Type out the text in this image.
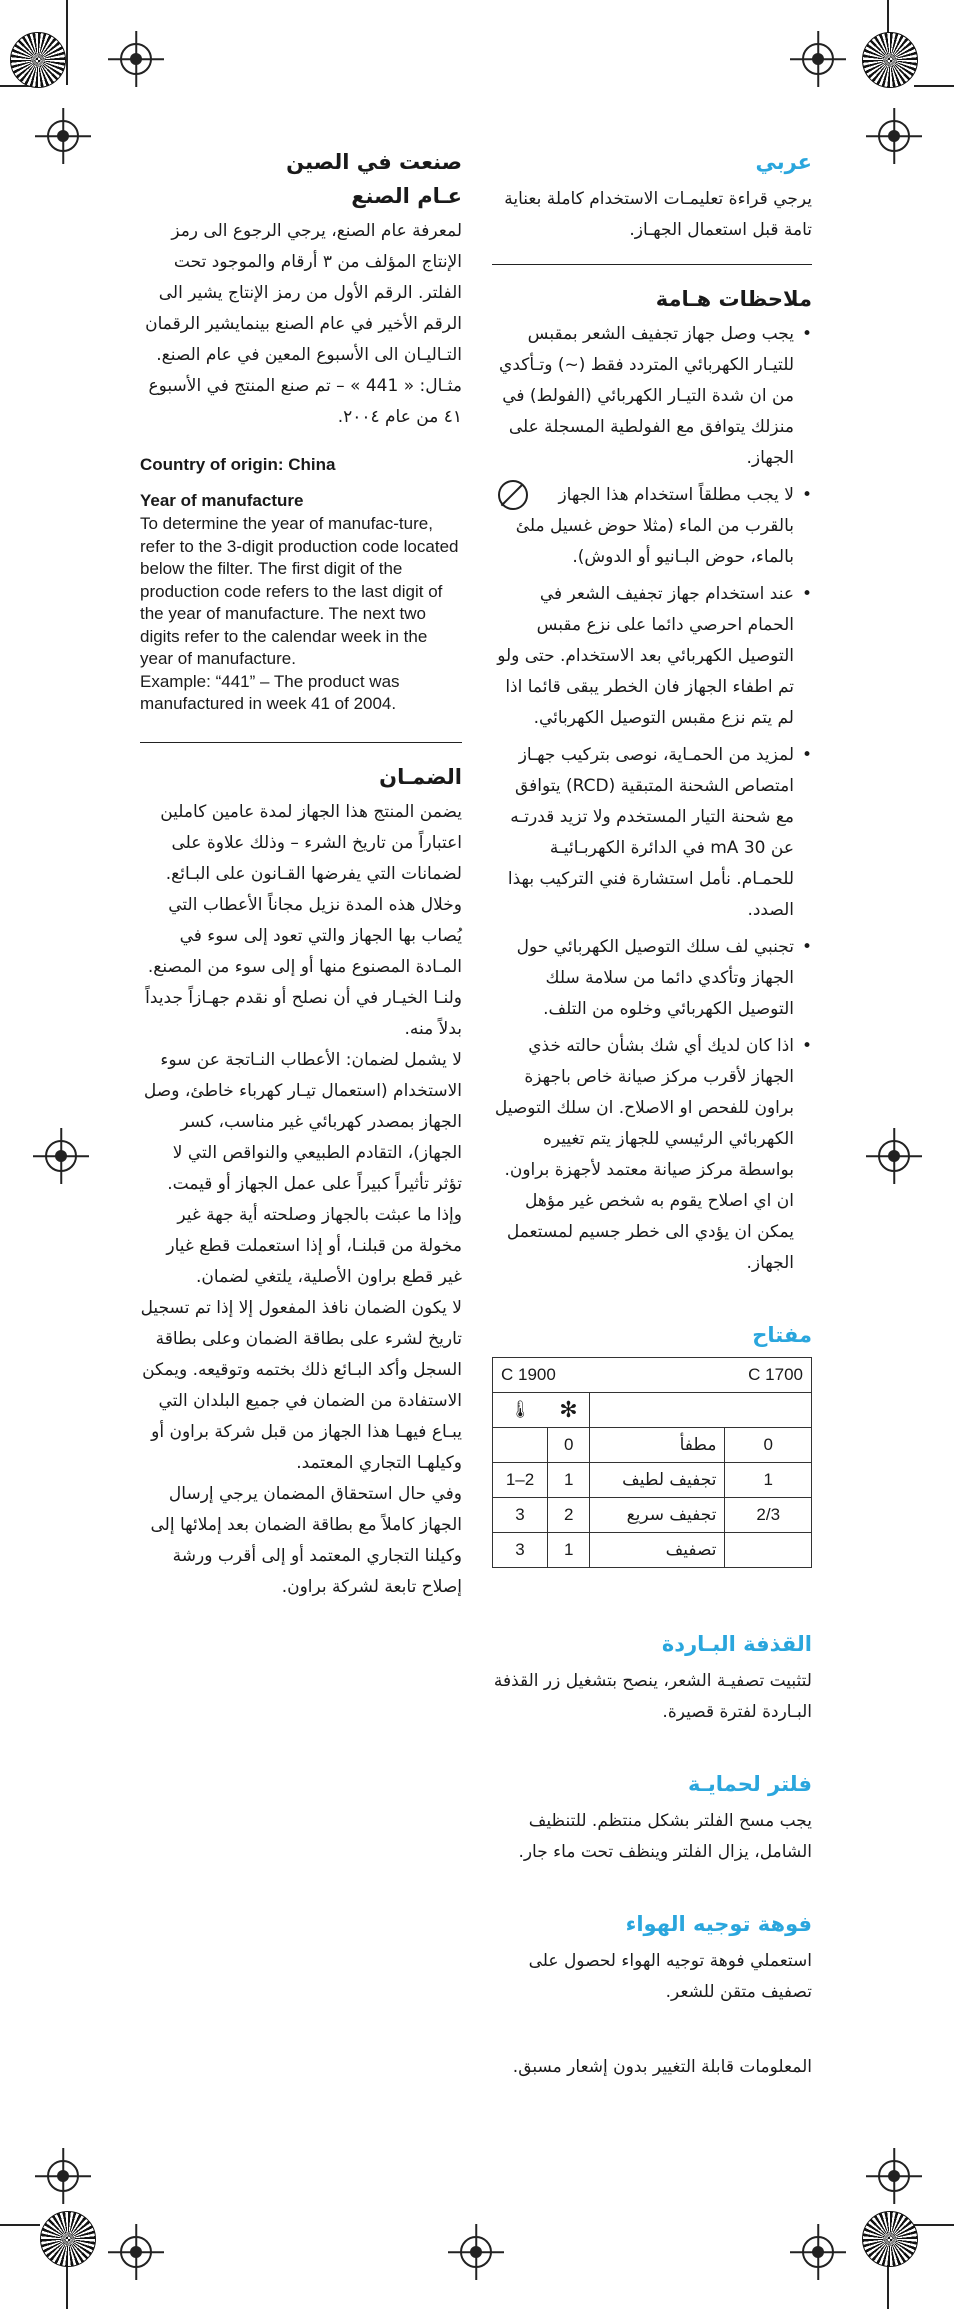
عربي

يرجي قراءة تعليمـات الاستخدام كاملة بعناية تامة قبل استعمال الجهـاز.

ملاحظات هـامة
• يجب وصل جهاز تجفيف الشعر بمقبس للتيـار الكهربائي المتردد فقط (~) وتـأكدي من ان شدة التيـار الكهربائي (الفولط) في منزلك يتوافق مع الفولطية المسجلة على الجهاز.
• لا يجب مطلقاً استخدام هذا الجهاز بالقرب من الماء (مثلا حوض غسيل ملئ بالماء، حوض البـانيو أو الدوش).
• عند استخدام جهاز تجفيف الشعر في الحمام احرصي دائما على نزع مقبس التوصيل الكهربائي بعد الاستخدام. حتى ولو تم اطفاء الجهاز فان الخطر يبقى قائما اذا لم يتم نزع مقبس التوصيل الكهربائي.
• لمزيد من الحمـاية، نوصى بتركيب جهـاز امتصاص الشحنة المتبقية (RCD) يتوافق مع شحنة التيار المستخدم ولا تزيد قدرتـه عن 30 mA في الدائرة الكهربـائيـة للحمـام. نأمل استشارة فني التركيب بهذا الصدد.
• تجنبي لف سلك التوصيل الكهربائي حول الجهاز وتأكدي دائما من سلامة سلك التوصيل الكهربائي وخلوه من التلف.
• اذا كان لديك أي شك بشأن حالته خذي الجهاز لأقرب مركز صيانة خاص باجهزة براون للفحص او الاصلاح. ان سلك التوصيل الكهربائي الرئيسي للجهاز يتم تغييره بواسطة مركز صيانة معتمد لأجهزة براون. ان اي اصلاح يقوم به شخص غير مؤهل يمكن ان يؤدي الى خطر جسيم لمستعمل الجهاز.
مفتاح
C 1900			C 1700
🌡	✻		
	0	مطفأ	0
1–2	1	تجفيف لطيف	1
3	2	تجفيف سريع	2/3
3	1	تصفيف	
القذفة البـاردة

لتثبيت تصفيـة الشعر، ينصح بتشغيل زر القذفة البـاردة لفترة قصيرة.

فلتر لحمايـة

يجب مسح الفلتر بشكل منتظم. للتنظيف الشامل، يزال الفلتر وينظف تحت ماء جار.

فوهة توجيه الهواء

استعملي فوهة توجيه الهواء لحصول على تصفيف متقن للشعر.

المعلومات قابلة التغيير بدون إشعار مسبق.

صنعت في الصين
عـام الصنع

لمعرفة عام الصنع، يرجي الرجوع الى رمز الإنتاج المؤلف من ٣ أرقام والموجود تحت الفلتر. الرقم الأول من رمز الإنتاج يشير الى الرقم الأخير في عام الصنع بينمايشير الرقمان التـاليـان الى الأسبوع المعين في عام الصنع.

مثـال: « 441 » – تم صنع المنتج في الأسبوع ٤١ من عام ٢٠٠٤.

Country of origin: China

Year of manufacture

To determine the year of manufac-ture, refer to the 3-digit production code located below the filter. The first digit of the production code refers to the last digit of the year of manufacture. The next two digits refer to the calendar week in the year of manufacture.

Example: “441” – The product was manufactured in week 41 of 2004.

الضمـان

يضمن المنتج هذا الجهاز لمدة عامين كاملين اعتباراً من تاريخ الشرء – وذلك علاوة على لضمانات التي يفرضها القـانون على البـائع. وخلال هذه المدة نزيل مجاناً الأعطاب التي يُصاب بها الجهاز والتي تعود إلى سوء في المـادة المصنوع منها أو إلى سوء من المصنع. ولنـا الخيـار في أن نصلح أو نقدم جهـازاً جديداً بدلاً منه.

لا يشمل لضمان: الأعطاب النـاتجة عن سوء الاستخدام (استعمال تيـار كهرباء خاطئ، وصل الجهاز بمصدر كهربائي غير مناسب، كسر الجهاز)، التقادم الطبيعي والنواقص التي لا تؤثر تأثيراً كبيراً على عمل الجهاز أو قيمت.

وإذا ما عبثت بالجهاز وصلحته أية جهة غير مخولة من قبلنـا، أو إذا استعملت قطع غيار غير قطع براون الأصلية، يلتغي لضمان.

لا يكون الضمان نافذ المفعول إلا إذا تم تسجيل تاريخ لشرء على بطاقة الضمان وعلى بطاقة السجل وأكد البـائع ذلك بختمه وتوقيعه. ويمكن الاستفادة من الضمان في جميع البلدان التي يبـاع فيهـا هذا الجهاز من قبل شركة براون أو وكيلهـا التجاري المعتمد.

وفي حال استحقاق المضمان يرجي إرسال الجهاز كاملاً مع بطاقة الضمان بعد إملائها إلى وكيلنا التجاري المعتمد أو إلى أقرب ورشة إصلاح تابعة لشركة براون.
